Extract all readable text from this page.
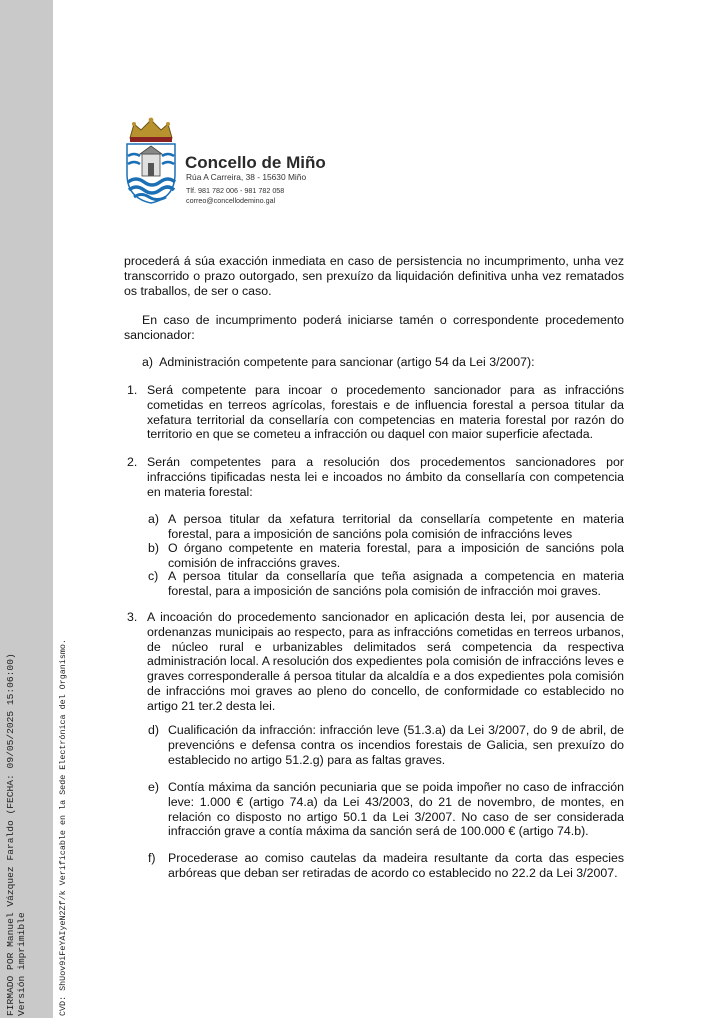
FIRMADO POR Manuel Vázquez Faraldo (FECHA: 09/05/2025 15:06:00) Versión imprimible	CVD: ShUov9iFeYAIyeN2Zf/k Verificable en la Sede Electrónica del Organismo.
Concello de Miño
Rúa A Carreira, 38 - 15630 Miño
Tlf. 981 782 006 - 981 782 058
correo@concellodemino.gal
procederá á súa exacción inmediata en caso de persistencia no incumprimento, unha vez transcorrido o prazo outorgado, sen prexuízo da liquidación definitiva unha vez rematados os traballos, de ser o caso.
En caso de incumprimento poderá iniciarse tamén o correspondente procedemento sancionador:
a) Administración competente para sancionar (artigo 54 da Lei 3/2007):
1. Será competente para incoar o procedemento sancionador para as infraccións cometidas en terreos agrícolas, forestais e de influencia forestal a persoa titular da xefatura territorial da consellaría con competencias en materia forestal por razón do territorio en que se cometeu a infracción ou daquel con maior superficie afectada.
2. Serán competentes para a resolución dos procedementos sancionadores por infraccións tipificadas nesta lei e incoados no ámbito da consellaría con competencia en materia forestal:
a) A persoa titular da xefatura territorial da consellaría competente en materia forestal, para a imposición de sancións pola comisión de infraccións leves
b) O órgano competente en materia forestal, para a imposición de sancións pola comisión de infraccións graves.
c) A persoa titular da consellaría que teña asignada a competencia en materia forestal, para a imposición de sancións pola comisión de infracción moi graves.
3. A incoación do procedemento sancionador en aplicación desta lei, por ausencia de ordenanzas municipais ao respecto, para as infraccións cometidas en terreos urbanos, de núcleo rural e urbanizables delimitados será competencia da respectiva administración local. A resolución dos expedientes pola comisión de infraccións leves e graves corresponderalle á persoa titular da alcaldía e a dos expedientes pola comisión de infraccións moi graves ao pleno do concello, de conformidade co establecido no artigo 21 ter.2 desta lei.
d) Cualificación da infracción: infracción leve (51.3.a) da Lei 3/2007, do 9 de abril, de prevencións e defensa contra os incendios forestais de Galicia, sen prexuízo do establecido no artigo 51.2.g) para as faltas graves.
e) Contía máxima da sanción pecuniaria que se poida impoñer no caso de infracción leve: 1.000 € (artigo 74.a) da Lei 43/2003, do 21 de novembro, de montes, en relación co disposto no artigo 50.1 da Lei 3/2007. No caso de ser considerada infracción grave a contía máxima da sanción será de 100.000 € (artigo 74.b).
f) Procederase ao comiso cautelas da madeira resultante da corta das especies arbóreas que deban ser retiradas de acordo co establecido no 22.2 da Lei 3/2007.
